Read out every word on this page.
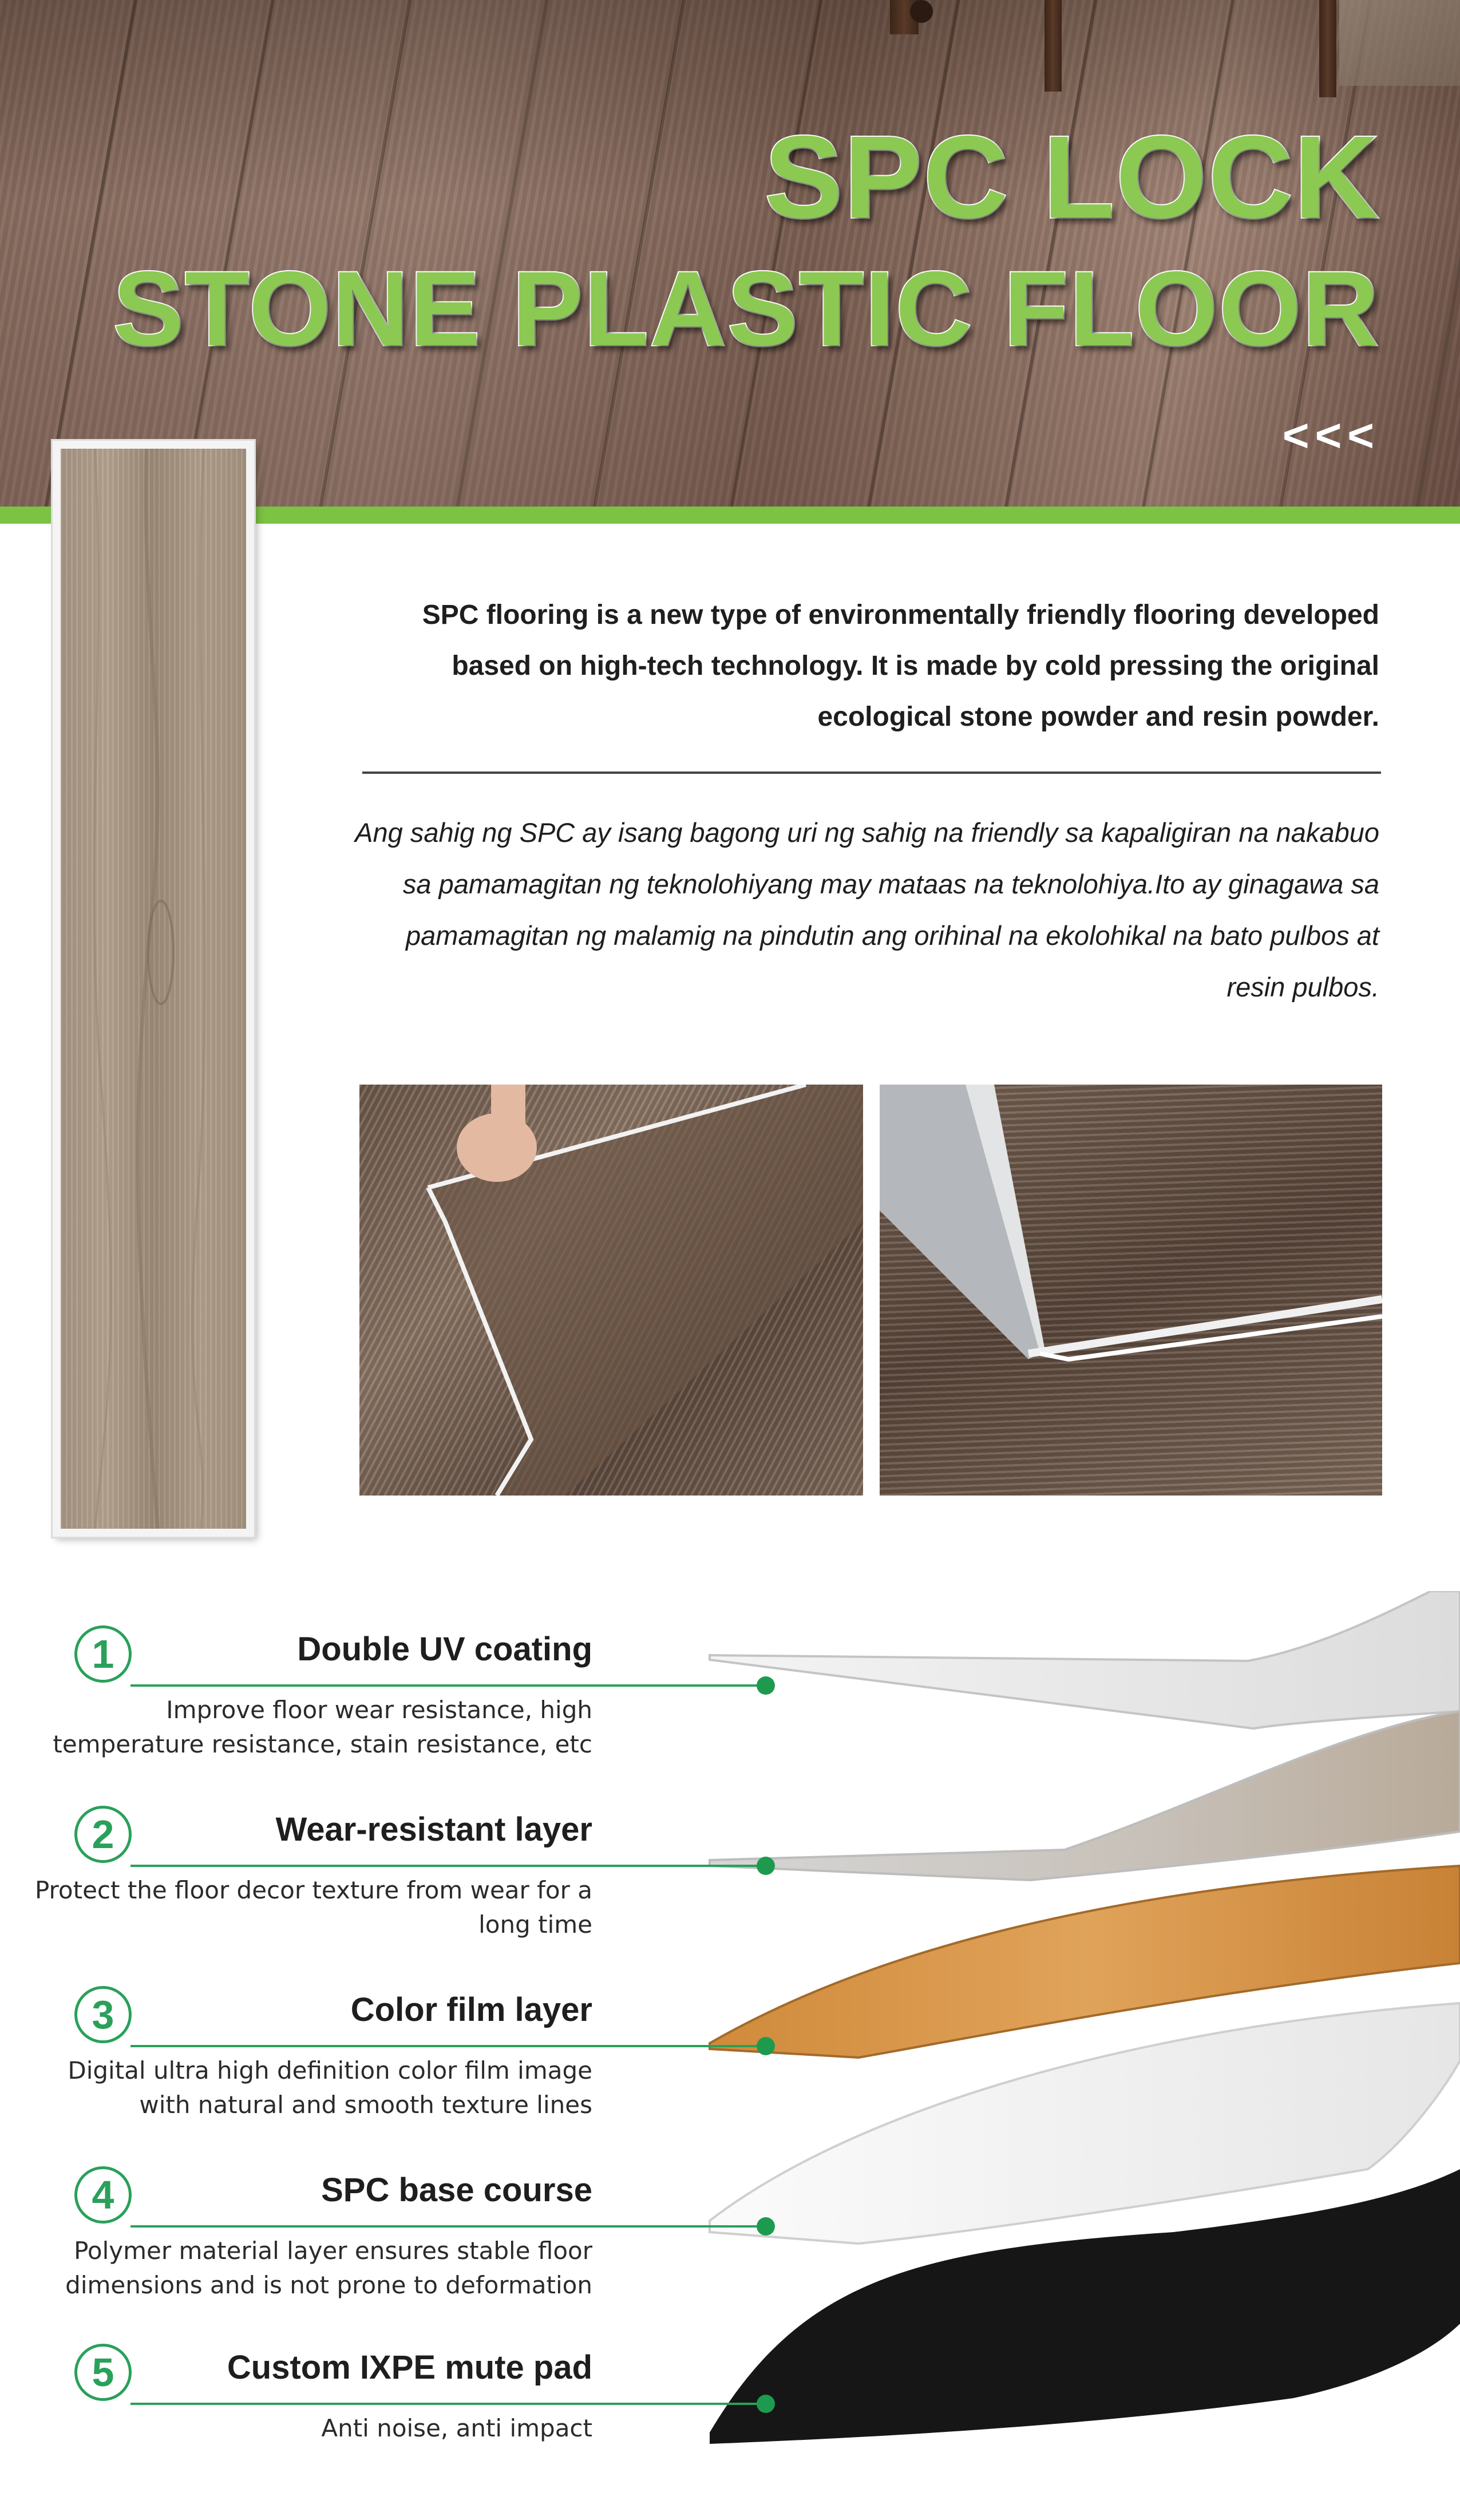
SPC LOCK
STONE PLASTIC FLOOR
<<<
SPC flooring is a new type of environmentally friendly flooring developed based on high-tech technology. It is made by cold pressing the original ecological stone powder and resin powder.
Ang sahig ng SPC ay isang bagong uri ng sahig na friendly sa kapaligiran na nakabuo sa pamamagitan ng teknolohiyang may mataas na teknolohiya.Ito ay ginagawa sa pamamagitan ng malamig na pindutin ang orihinal na ekolohikal na bato pulbos at resin pulbos.
1	Double UV coating
Improve floor wear resistance, high temperature resistance, stain resistance, etc
2	Wear-resistant layer
Protect the floor decor texture from wear for a long time
3	Color film layer
Digital ultra high definition color film image with natural and smooth texture lines
4	SPC base course
Polymer material layer ensures stable floor dimensions and is not prone to deformation
5	Custom IXPE mute pad
Anti noise, anti impact
